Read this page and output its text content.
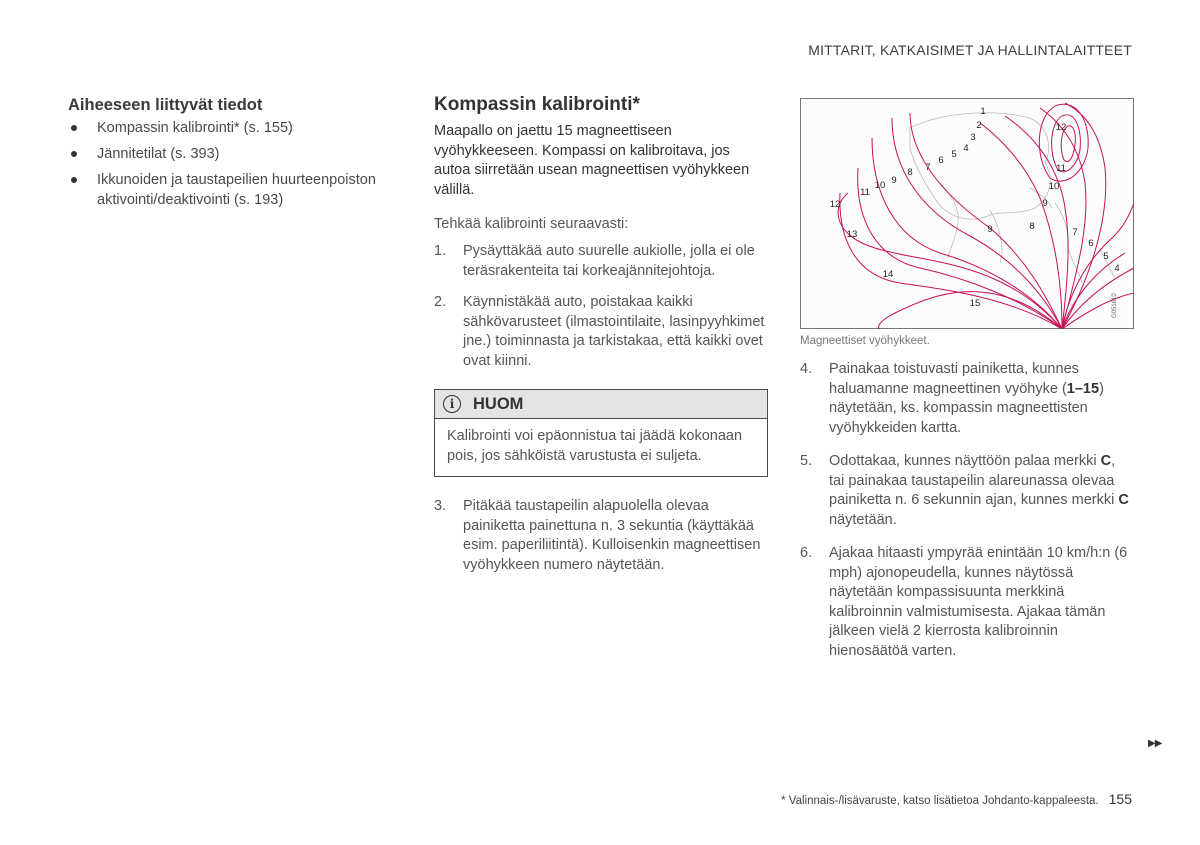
MITTARIT, KATKAISIMET JA HALLINTALAITTEET
Aiheeseen liittyvät tiedot
Kompassin kalibrointi* (s. 155)
Jännitetilat (s. 393)
Ikkunoiden ja taustapeilien huurteenpoiston aktivointi/deaktivointi (s. 193)
Kompassin kalibrointi*

Maapallo on jaettu 15 magneettiseen vyöhykkeeseen. Kompassi on kalibroitava, jos autoa siirretään usean magneettisen vyöhykkeen välillä.

Tehkää kalibrointi seuraavasti:

1.	Pysäyttäkää auto suurelle aukiolle, jolla ei ole teräsrakenteita tai korkeajännitejohtoja.
2.	Käynnistäkää auto, poistakaa kaikki sähkövarusteet (ilmastointilaite, lasinpyyhkimet jne.) toiminnasta ja tarkistakaa, että kaikki ovet ovat kiinni.
i	HUOM
Kalibrointi voi epäonnistua tai jäädä kokonaan pois, jos sähköistä varustusta ei suljeta.
3.	Pitäkää taustapeilin alapuolella olevaa painiketta painettuna n. 3 sekuntia (käyttäkää esim. paperiliitintä). Kulloisenkin magneettisen vyöhykkeen numero näytetään.
1
2
3
4
5
6
7
8
9
10
11
12
11
10
9
12
13	9	8
7
6
5
4
14
15	G051610
Magneettiset vyöhykkeet.
4.	Painakaa toistuvasti painiketta, kunnes haluamanne magneettinen vyöhyke (1–15) näytetään, ks. kompassin magneettisten vyöhykkeiden kartta.
5.	Odottakaa, kunnes näyttöön palaa merkki C, tai painakaa taustapeilin alareunassa olevaa painiketta n. 6 sekunnin ajan, kunnes merkki C näytetään.
6.	Ajakaa hitaasti ympyrää enintään 10 km/h:n (6 mph) ajonopeudella, kunnes näytössä näytetään kompassisuunta merkkinä kalibroinnin valmistumisesta. Ajakaa tämän jälkeen vielä 2 kierrosta kalibroinnin hienosäätöä varten.
▶▶
* Valinnais-/lisävaruste, katso lisätietoa Johdanto-kappaleesta. 155
